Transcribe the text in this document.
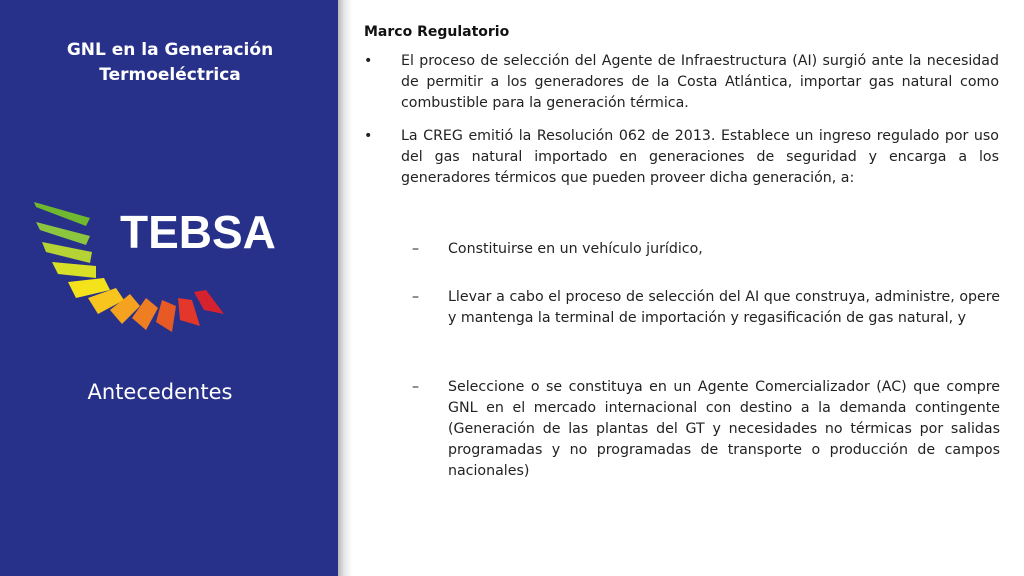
GNL en la Generación
Termoeléctrica
TEBSA
Antecedentes
Marco Regulatorio
•	El proceso de selección del Agente de Infraestructura (AI) surgió ante la necesidad de permitir a los generadores de la Costa Atlántica, importar gas natural como combustible para la generación térmica.
•	La CREG emitió la Resolución 062 de 2013. Establece un ingreso regulado por uso del gas natural importado en generaciones de seguridad y encarga a los generadores térmicos que pueden proveer dicha generación, a:
– Constituirse en un vehículo jurídico,
– Llevar a cabo el proceso de selección del AI que construya, administre, opere y mantenga la terminal de importación y regasificación de gas natural, y
– Seleccione o se constituya en un Agente Comercializador (AC) que compre GNL en el mercado internacional con destino a la demanda contingente (Generación de las plantas del GT y necesidades no térmicas por salidas programadas y no programadas de transporte o producción de campos nacionales)
